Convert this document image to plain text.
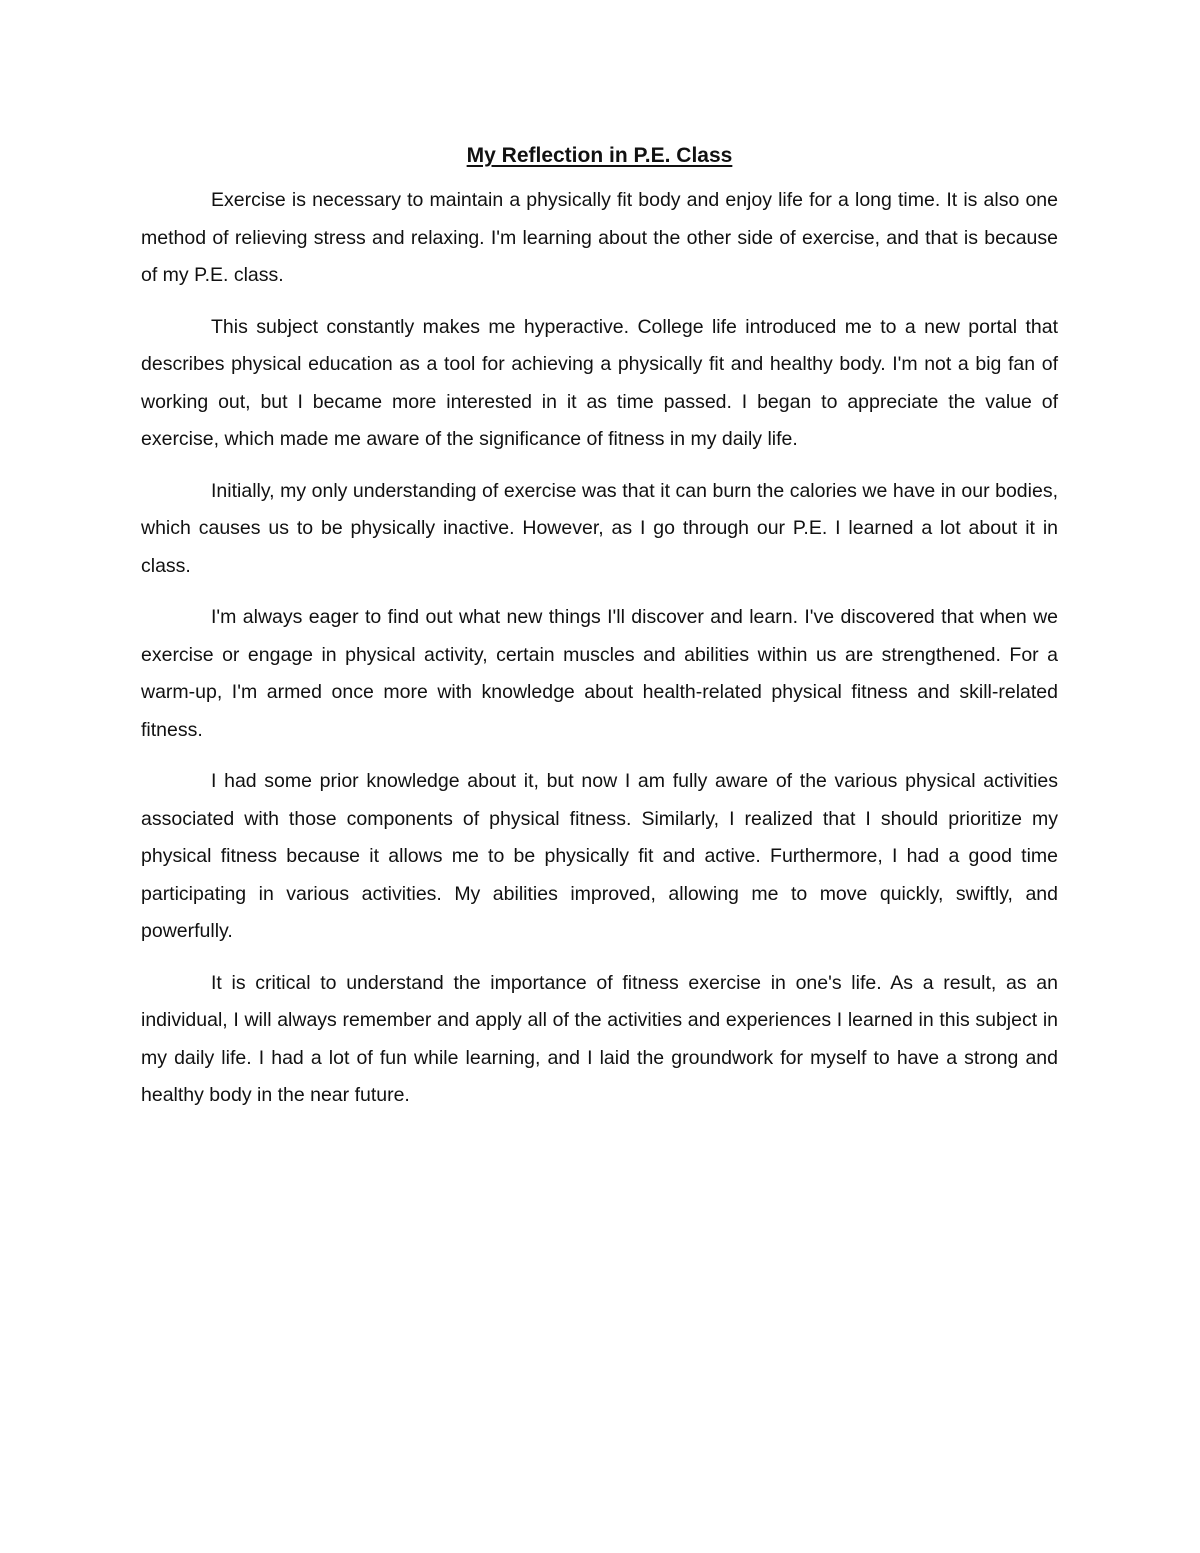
My Reflection in P.E. Class

Exercise is necessary to maintain a physically fit body and enjoy life for a long time. It is also one method of relieving stress and relaxing. I'm learning about the other side of exercise, and that is because of my P.E. class.

This subject constantly makes me hyperactive. College life introduced me to a new portal that describes physical education as a tool for achieving a physically fit and healthy body. I'm not a big fan of working out, but I became more interested in it as time passed. I began to appreciate the value of exercise, which made me aware of the significance of fitness in my daily life.

Initially, my only understanding of exercise was that it can burn the calories we have in our bodies, which causes us to be physically inactive. However, as I go through our P.E. I learned a lot about it in class.

I'm always eager to find out what new things I'll discover and learn. I've discovered that when we exercise or engage in physical activity, certain muscles and abilities within us are strengthened. For a warm-up, I'm armed once more with knowledge about health-related physical fitness and skill-related fitness.

I had some prior knowledge about it, but now I am fully aware of the various physical activities associated with those components of physical fitness. Similarly, I realized that I should prioritize my physical fitness because it allows me to be physically fit and active. Furthermore, I had a good time participating in various activities. My abilities improved, allowing me to move quickly, swiftly, and powerfully.

It is critical to understand the importance of fitness exercise in one's life. As a result, as an individual, I will always remember and apply all of the activities and experiences I learned in this subject in my daily life. I had a lot of fun while learning, and I laid the groundwork for myself to have a strong and healthy body in the near future.
